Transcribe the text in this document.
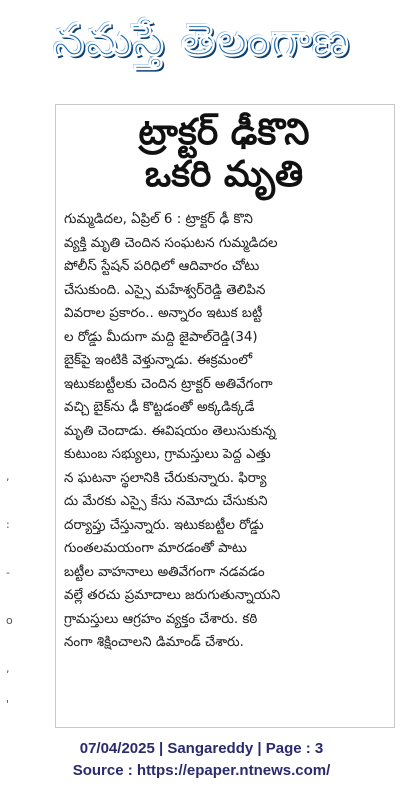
నమస్తే తెలంగాణ
,
:
-
o
,
'
ట్రాక్టర్ ఢీకొని
ఒకరి మృతి
గుమ్మడిదల, ఏప్రిల్ 6 : ట్రాక్టర్ ఢీ కొని
వ్యక్తి మృతి చెందిన సంఘటన గుమ్మడిదల
పోలీస్ స్టేషన్ పరిధిలో ఆదివారం చోటు
చేసుకుంది. ఎస్సై మహేశ్వర్‌రెడ్డి తెలిపిన
వివరాల ప్రకారం.. అన్నారం ఇటుక బట్టీ
ల రోడ్డు మీదుగా మద్ది జైపాల్‌రెడ్డి(34)
బైక్‌పై ఇంటికి వెళ్తున్నాడు. ఈక్రమంలో
ఇటుకబట్టీలకు చెందిన ట్రాక్టర్ అతివేగంగా
వచ్చి బైక్‌ను ఢీ కొట్టడంతో అక్కడిక్కడే
మృతి చెందాడు. ఈవిషయం తెలుసుకున్న
కుటుంబ సభ్యులు, గ్రామస్తులు పెద్ద ఎత్తు
న ఘటనా స్థలానికి చేరుకున్నారు. ఫిర్యా
దు మేరకు ఎస్సై కేసు నమోదు చేసుకుని
దర్యాప్తు చేస్తున్నారు. ఇటుకబట్టీల రోడ్డు
గుంతలమయంగా మారడంతో పాటు
బట్టీల వాహనాలు అతివేగంగా నడవడం
వల్లే తరచు ప్రమాదాలు జరుగుతున్నాయని
గ్రామస్తులు ఆగ్రహం వ్యక్తం చేశారు. కఠి
నంగా శిక్షించాలని డిమాండ్ చేశారు.
07/04/2025 | Sangareddy | Page : 3
Source : https://epaper.ntnews.com/
